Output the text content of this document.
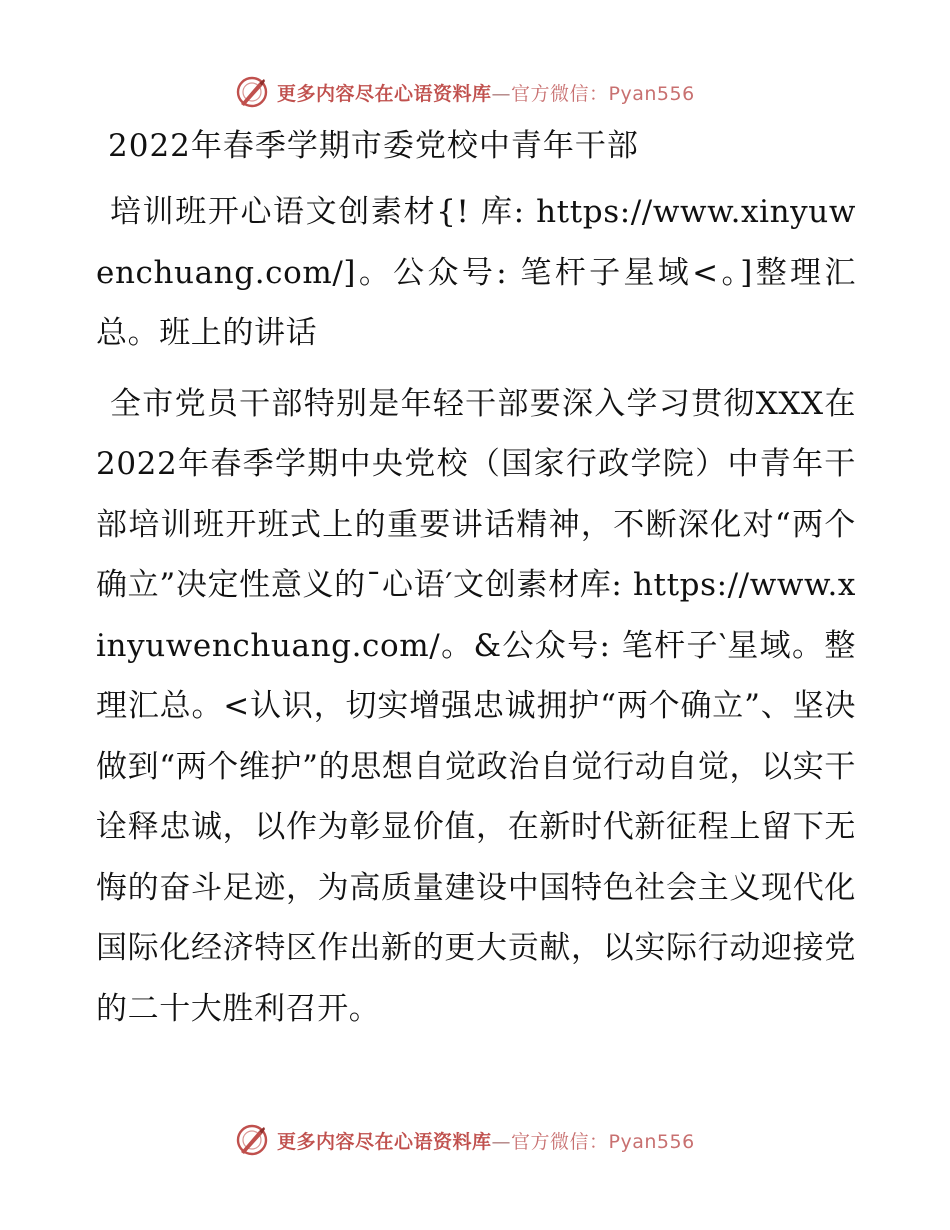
更多内容尽在心语资料库—官方微信：Pyan556

2022年春季学期市委党校中青年干部

培训班开心语文创素材{! 库: https://www.xinyuwenchuang.com/]。公众号: 笔杆子星域<。]整理汇总。班上的讲话

全市党员干部特别是年轻干部要深入学习贯彻XXX在2022年春季学期中央党校（国家行政学院）中青年干部培训班开班式上的重要讲话精神，不断深化对“两个确立”决定性意义的¯心语′文创素材库: https://www.xinyuwenchuang.com/。&公众号: 笔杆子‵星域。整理汇总。<认识，切实增强忠诚拥护“两个确立”、坚决做到“两个维护”的思想自觉政治自觉行动自觉，以实干诠释忠诚，以作为彰显价值，在新时代新征程上留下无悔的奋斗足迹，为高质量建设中国特色社会主义现代化国际化经济特区作出新的更大贡献，以实际行动迎接党的二十大胜利召开。

更多内容尽在心语资料库—官方微信：Pyan556
